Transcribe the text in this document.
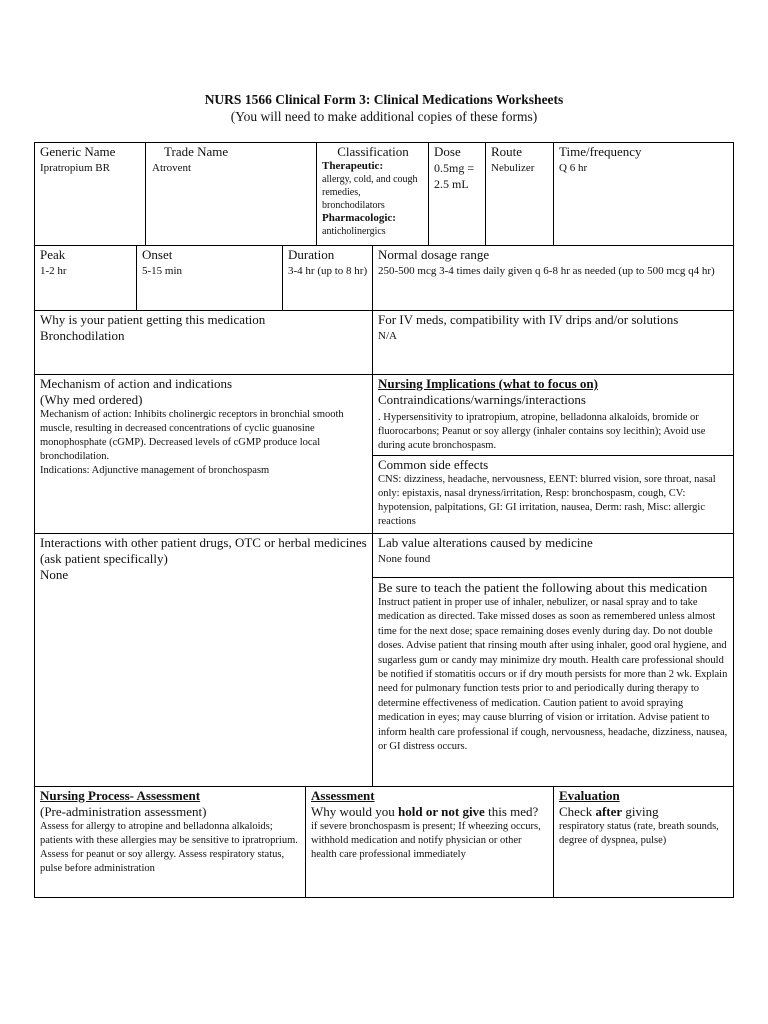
NURS 1566 Clinical Form 3: Clinical Medications Worksheets

(You will need to make additional copies of these forms)

Generic Name
Ipratropium BR
Trade Name
Atrovent
Classification
Therapeutic:
allergy, cold, and cough remedies, bronchodilators
Pharmacologic:
anticholinergics
Dose
0.5mg = 2.5 mL
Route
Nebulizer
Time/frequency
Q 6 hr
Peak
1-2 hr
Onset
5-15 min
Duration
3-4 hr (up to 8 hr)
Normal dosage range
250-500 mcg 3-4 times daily given q 6-8 hr as needed (up to 500 mcg q4 hr)
Why is your patient getting this medication
Bronchodilation
For IV meds, compatibility with IV drips and/or solutions
N/A
Mechanism of action and indications
(Why med ordered)
Mechanism of action: Inhibits cholinergic receptors in bronchial smooth muscle, resulting in decreased concentrations of cyclic guanosine monophosphate (cGMP). Decreased levels of cGMP produce local bronchodilation.
Indications: Adjunctive management of bronchospasm
Nursing Implications (what to focus on)
Contraindications/warnings/interactions
. Hypersensitivity to ipratropium, atropine, belladonna alkaloids, bromide or fluorocarbons; Peanut or soy allergy (inhaler contains soy lecithin); Avoid use during acute bronchospasm.
Common side effects
CNS: dizziness, headache, nervousness, EENT: blurred vision, sore throat, nasal only: epistaxis, nasal dryness/irritation, Resp: bronchospasm, cough, CV: hypotension, palpitations, GI: GI irritation, nausea, Derm: rash, Misc: allergic reactions
Interactions with other patient drugs, OTC or herbal medicines (ask patient specifically)
None
Lab value alterations caused by medicine
None found
Be sure to teach the patient the following about this medication
Instruct patient in proper use of inhaler, nebulizer, or nasal spray and to take medication as directed. Take missed doses as soon as remembered unless almost time for the next dose; space remaining doses evenly during day. Do not double doses. Advise patient that rinsing mouth after using inhaler, good oral hygiene, and sugarless gum or candy may minimize dry mouth. Health care professional should be notified if stomatitis occurs or if dry mouth persists for more than 2 wk. Explain need for pulmonary function tests prior to and periodically during therapy to determine effectiveness of medication. Caution patient to avoid spraying medication in eyes; may cause blurring of vision or irritation. Advise patient to inform health care professional if cough, nervousness, headache, dizziness, nausea, or GI distress occurs.
Nursing Process- Assessment
(Pre-administration assessment)
Assess for allergy to atropine and belladonna alkaloids; patients with these allergies may be sensitive to ipratroprium. Assess for peanut or soy allergy. Assess respiratory status, pulse before administration
Assessment
Why would you hold or not give this med?
if severe bronchospasm is present; If wheezing occurs, withhold medication and notify physician or other health care professional immediately
Evaluation
Check after giving
respiratory status (rate, breath sounds, degree of dyspnea, pulse)
